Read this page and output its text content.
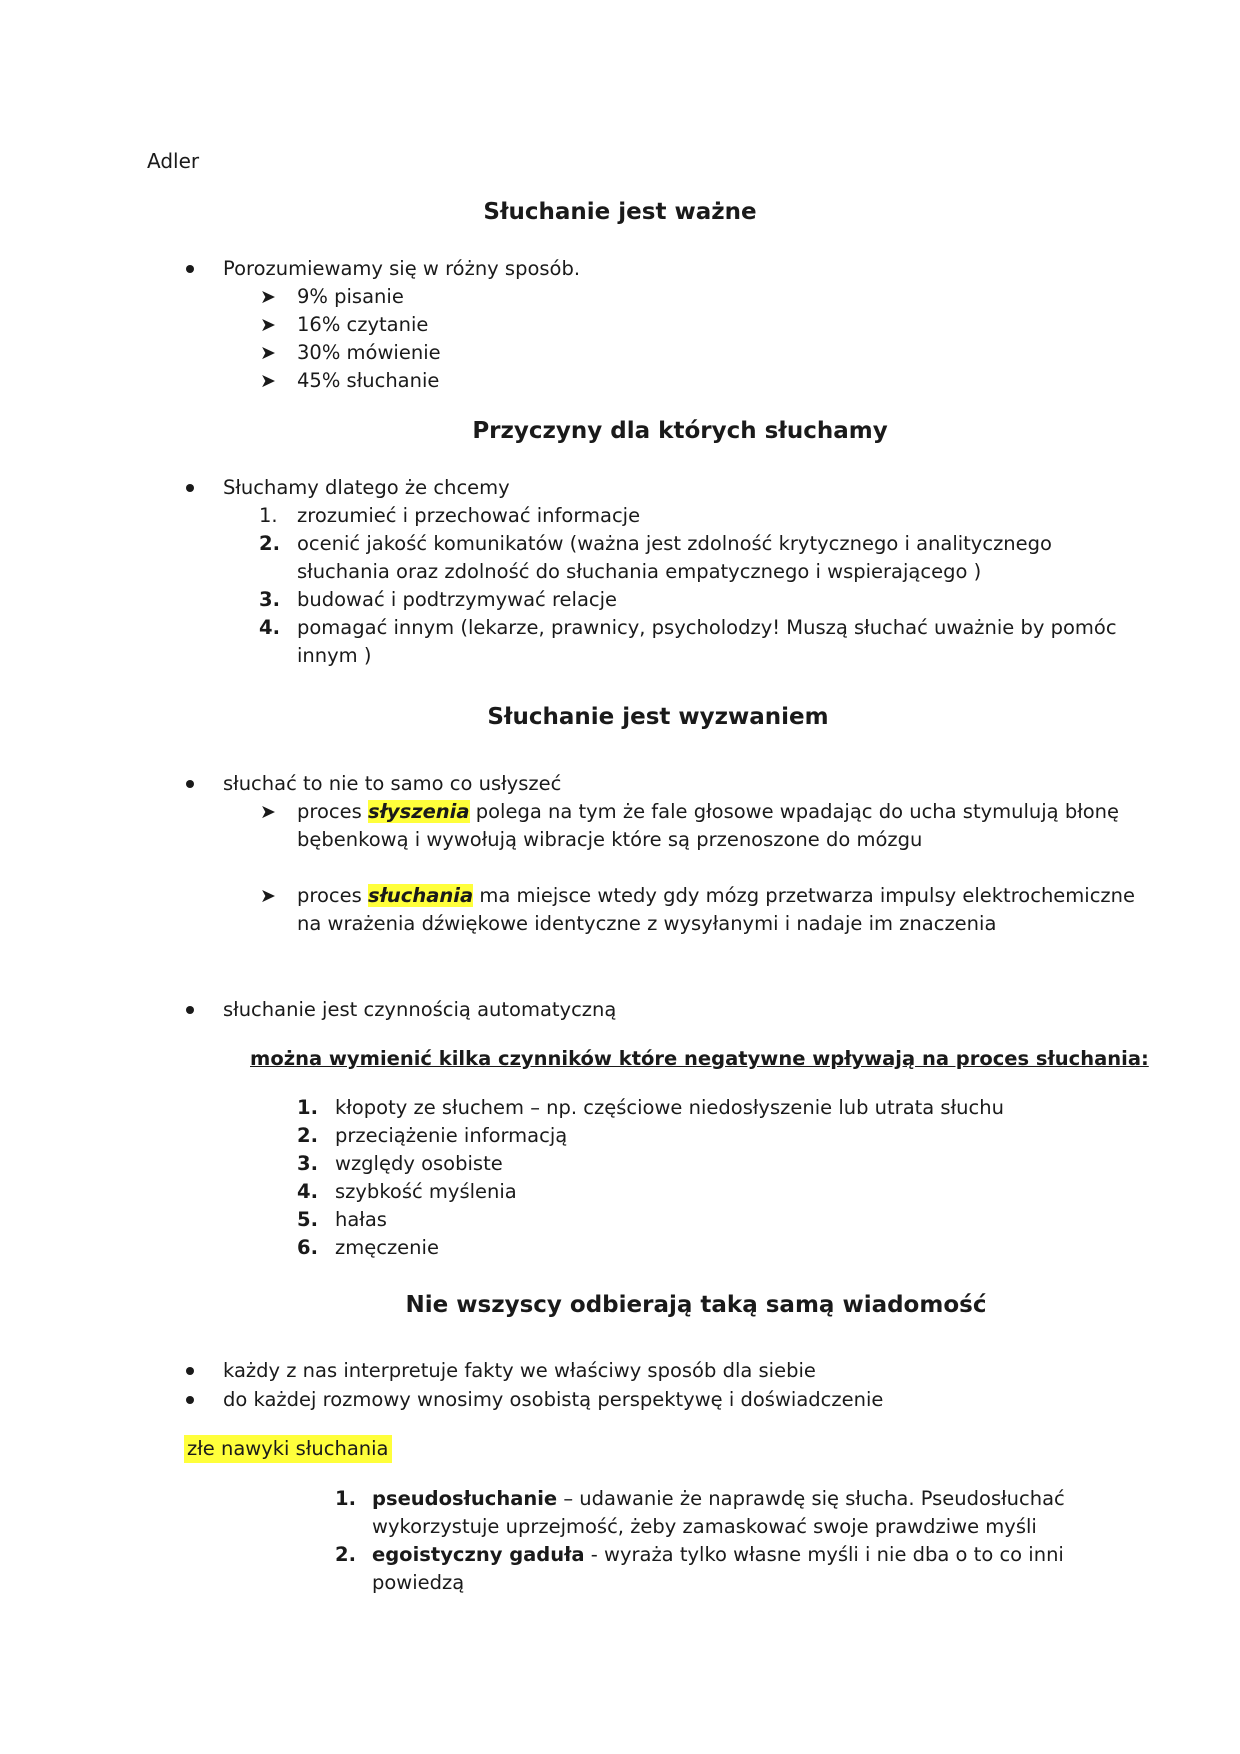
Adler

Słuchanie jest ważne
Porozumiewamy się w różny sposób.
➤ 9% pisanie
➤ 16% czytanie
➤ 30% mówienie
➤ 45% słuchanie
Przyczyny dla których słuchamy
Słuchamy dlatego że chcemy
1. zrozumieć i przechować informacje
2. ocenić jakość komunikatów (ważna jest zdolność krytycznego i analitycznego
słuchania oraz zdolność do słuchania empatycznego i wspierającego )
3. budować i podtrzymywać relacje
4. pomagać innym (lekarze, prawnicy, psycholodzy! Muszą słuchać uważnie by pomóc
innym )
Słuchanie jest wyzwaniem
słuchać to nie to samo co usłyszeć
➤ proces słyszenia polega na tym że fale głosowe wpadając do ucha stymulują błonę
bębenkową i wywołują wibracje które są przenoszone do mózgu
➤ proces słuchania ma miejsce wtedy gdy mózg przetwarza impulsy elektrochemiczne
na wrażenia dźwiękowe identyczne z wysyłanymi i nadaje im znaczenia
słuchanie jest czynnością automatyczną
można wymienić kilka czynników które negatywne wpływają na proces słuchania:
1. kłopoty ze słuchem – np. częściowe niedosłyszenie lub utrata słuchu
2. przeciążenie informacją
3. względy osobiste
4. szybkość myślenia
5. hałas
6. zmęczenie
Nie wszyscy odbierają taką samą wiadomość
każdy z nas interpretuje fakty we właściwy sposób dla siebie
do każdej rozmowy wnosimy osobistą perspektywę i doświadczenie
złe nawyki słuchania
1. pseudosłuchanie – udawanie że naprawdę się słucha. Pseudosłuchać
wykorzystuje uprzejmość, żeby zamaskować swoje prawdziwe myśli
2. egoistyczny gaduła - wyraża tylko własne myśli i nie dba o to co inni
powiedzą
